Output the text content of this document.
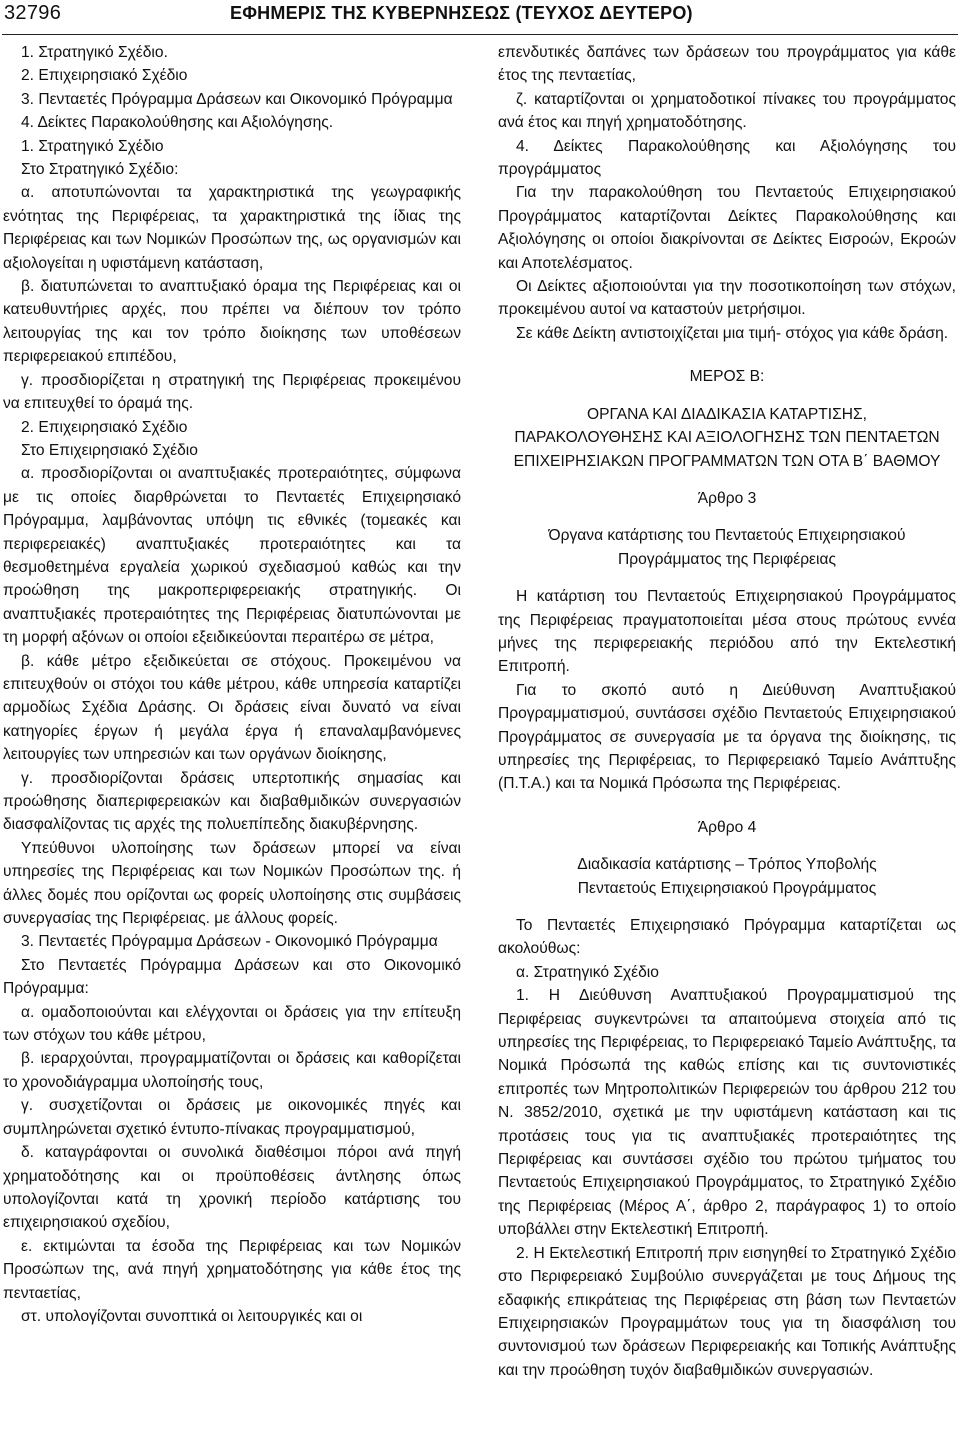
32796	ΕΦΗΜΕΡΙΣ ΤΗΣ ΚΥΒΕΡΝΗΣΕΩΣ (ΤΕΥΧΟΣ ΔΕΥΤΕΡΟ)

1. Στρατηγικό Σχέδιο.

2. Επιχειρησιακό Σχέδιο

3. Πενταετές Πρόγραμμα Δράσεων και Οικονομικό Πρόγραμμα

4. Δείκτες Παρακολούθησης και Αξιολόγησης.

1. Στρατηγικό Σχέδιο

Στο Στρατηγικό Σχέδιο:

α. αποτυπώνονται τα χαρακτηριστικά της γεωγραφικής ενότητας της Περιφέρειας, τα χαρακτηριστικά της ίδιας της Περιφέρειας και των Νομικών Προσώπων της, ως οργανισμών και αξιολογείται η υφιστάμενη κατάσταση,

β. διατυπώνεται το αναπτυξιακό όραμα της Περιφέρειας και οι κατευθυντήριες αρχές, που πρέπει να διέπουν τον τρόπο λειτουργίας της και τον τρόπο διοίκησης των υποθέσεων περιφερειακού επιπέδου,

γ. προσδιορίζεται η στρατηγική της Περιφέρειας προκειμένου να επιτευχθεί το όραμά της.

2. Επιχειρησιακό Σχέδιο

Στο Επιχειρησιακό Σχέδιο

α. προσδιορίζονται οι αναπτυξιακές προτεραιότητες, σύμφωνα με τις οποίες διαρθρώνεται το Πενταετές Επιχειρησιακό Πρόγραμμα, λαμβάνοντας υπόψη τις εθνικές (τομεακές και περιφερειακές) αναπτυξιακές προτεραιότητες και τα θεσμοθετημένα εργαλεία χωρικού σχεδιασμού καθώς και την προώθηση της μακροπεριφερειακής στρατηγικής. Οι αναπτυξιακές προτεραιότητες της Περιφέρειας διατυπώνονται με τη μορφή αξόνων οι οποίοι εξειδικεύονται περαιτέρω σε μέτρα,

β. κάθε μέτρο εξειδικεύεται σε στόχους. Προκειμένου να επιτευχθούν οι στόχοι του κάθε μέτρου, κάθε υπηρεσία καταρτίζει αρμοδίως Σχέδια Δράσης. Οι δράσεις είναι δυνατό να είναι κατηγορίες έργων ή μεγάλα έργα ή επαναλαμβανόμενες λειτουργίες των υπηρεσιών και των οργάνων διοίκησης,

γ. προσδιορίζονται δράσεις υπερτοπικής σημασίας και προώθησης διαπεριφερειακών και διαβαθμιδικών συνεργασιών διασφαλίζοντας τις αρχές της πολυεπίπεδης διακυβέρνησης.

Υπεύθυνοι υλοποίησης των δράσεων μπορεί να είναι υπηρεσίες της Περιφέρειας και των Νομικών Προσώπων της. ή άλλες δομές που ορίζονται ως φορείς υλοποίησης στις συμβάσεις συνεργασίας της Περιφέρειας. με άλλους φορείς.

3. Πενταετές Πρόγραμμα Δράσεων - Οικονομικό Πρόγραμμα

Στο Πενταετές Πρόγραμμα Δράσεων και στο Οικονομικό Πρόγραμμα:

α. ομαδοποιούνται και ελέγχονται οι δράσεις για την επίτευξη των στόχων του κάθε μέτρου,

β. ιεραρχούνται, προγραμματίζονται οι δράσεις και καθορίζεται το χρονοδιάγραμμα υλοποίησής τους,

γ. συσχετίζονται οι δράσεις με οικονομικές πηγές και συμπληρώνεται σχετικό έντυπο-πίνακας προγραμματισμού,

δ. καταγράφονται οι συνολικά διαθέσιμοι πόροι ανά πηγή χρηματοδότησης και οι προϋποθέσεις άντλησης όπως υπολογίζονται κατά τη χρονική περίοδο κατάρτισης του επιχειρησιακού σχεδίου,

ε. εκτιμώνται τα έσοδα της Περιφέρειας και των Νομικών Προσώπων της, ανά πηγή χρηματοδότησης για κάθε έτος της πενταετίας,

στ. υπολογίζονται συνοπτικά οι λειτουργικές και οι

επενδυτικές δαπάνες των δράσεων του προγράμματος για κάθε έτος της πενταετίας,

ζ. καταρτίζονται οι χρηματοδοτικοί πίνακες του προγράμματος ανά έτος και πηγή χρηματοδότησης.

4. Δείκτες Παρακολούθησης και Αξιολόγησης του προγράμματος

Για την παρακολούθηση του Πενταετούς Επιχειρησιακού Προγράμματος καταρτίζονται Δείκτες Παρακολούθησης και Αξιολόγησης οι οποίοι διακρίνονται σε Δείκτες Εισροών, Εκροών και Αποτελέσματος.

Οι Δείκτες αξιοποιούνται για την ποσοτικοποίηση των στόχων, προκειμένου αυτοί να καταστούν μετρήσιμοι.

Σε κάθε Δείκτη αντιστοιχίζεται μια τιμή- στόχος για κάθε δράση.

ΜΕΡΟΣ Β:

ΟΡΓΑΝΑ ΚΑΙ ΔΙΑΔΙΚΑΣΙΑ ΚΑΤΑΡΤΙΣΗΣ, ΠΑΡΑΚΟΛΟΥΘΗΣΗΣ ΚΑΙ ΑΞΙΟΛΟΓΗΣΗΣ ΤΩΝ ΠΕΝΤΑΕΤΩΝ ΕΠΙΧΕΙΡΗΣΙΑΚΩΝ ΠΡΟΓΡΑΜΜΑΤΩΝ ΤΩΝ ΟΤΑ Β΄ ΒΑΘΜΟΥ

Άρθρο 3

Όργανα κατάρτισης του Πενταετούς Επιχειρησιακού Προγράμματος της Περιφέρειας

Η κατάρτιση του Πενταετούς Επιχειρησιακού Προγράμματος της Περιφέρειας πραγματοποιείται μέσα στους πρώτους εννέα μήνες της περιφερειακής περιόδου από την Εκτελεστική Επιτροπή.

Για το σκοπό αυτό η Διεύθυνση Αναπτυξιακού Προγραμματισμού, συντάσσει σχέδιο Πενταετούς Επιχειρησιακού Προγράμματος σε συνεργασία με τα όργανα της διοίκησης, τις υπηρεσίες της Περιφέρειας, το Περιφερειακό Ταμείο Ανάπτυξης (Π.Τ.Α.) και τα Νομικά Πρόσωπα της Περιφέρειας.

Άρθρο 4

Διαδικασία κατάρτισης – Τρόπος Υποβολής Πενταετούς Επιχειρησιακού Προγράμματος

Το Πενταετές Επιχειρησιακό Πρόγραμμα καταρτίζεται ως ακολούθως:

α. Στρατηγικό Σχέδιο

1. Η Διεύθυνση Αναπτυξιακού Προγραμματισμού της Περιφέρειας συγκεντρώνει τα απαιτούμενα στοιχεία από τις υπηρεσίες της Περιφέρειας, το Περιφερειακό Ταμείο Ανάπτυξης, τα Νομικά Πρόσωπά της καθώς επίσης και τις συντονιστικές επιτροπές των Μητροπολιτικών Περιφερειών του άρθρου 212 του Ν. 3852/2010, σχετικά με την υφιστάμενη κατάσταση και τις προτάσεις τους για τις αναπτυξιακές προτεραιότητες της Περιφέρειας και συντάσσει σχέδιο του πρώτου τμήματος του Πενταετούς Επιχειρησιακού Προγράμματος, το Στρατηγικό Σχέδιο της Περιφέρειας (Μέρος Α΄, άρθρο 2, παράγραφος 1) το οποίο υποβάλλει στην Εκτελεστική Επιτροπή.

2. Η Εκτελεστική Επιτροπή πριν εισηγηθεί το Στρατηγικό Σχέδιο στο Περιφερειακό Συμβούλιο συνεργάζεται με τους Δήμους της εδαφικής επικράτειας της Περιφέρειας στη βάση των Πενταετών Επιχειρησιακών Προγραμμάτων τους για τη διασφάλιση του συντονισμού των δράσεων Περιφερειακής και Τοπικής Ανάπτυξης και την προώθηση τυχόν διαβαθμιδικών συνεργασιών.
